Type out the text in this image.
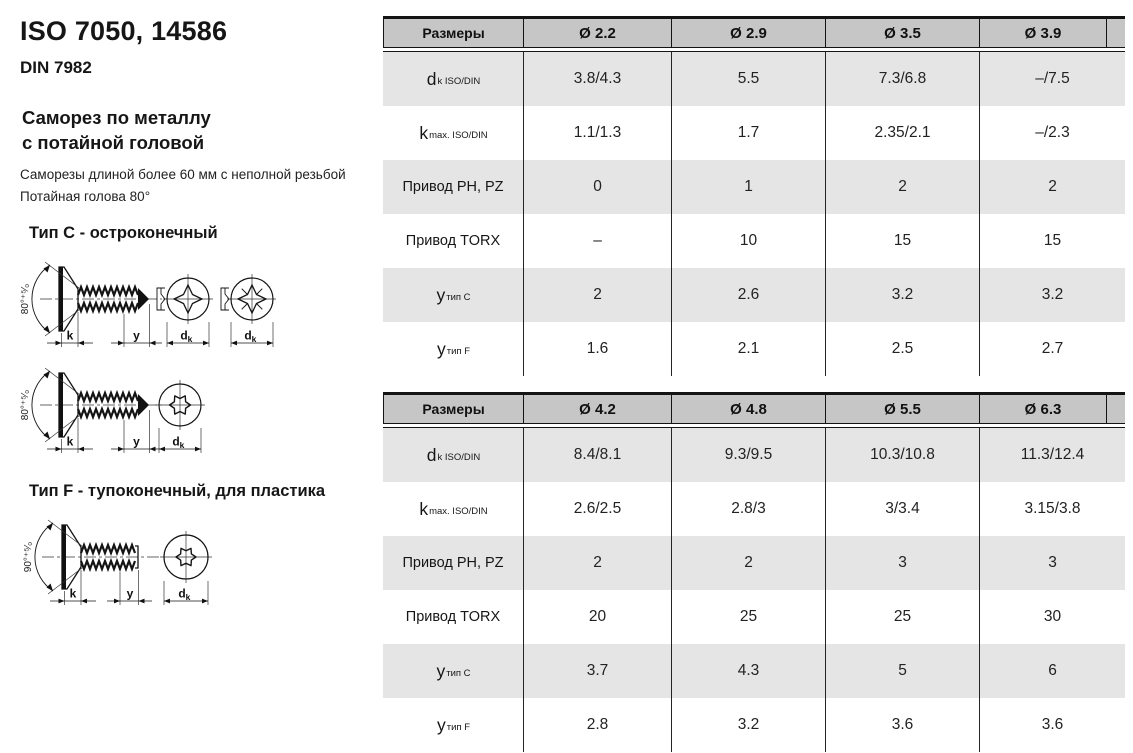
ISO 7050, 14586
DIN 7982
Саморез по металлу
с потайной головой
Саморезы длиной более 60 мм с неполной резьбой
Потайная голова 80°
Тип C - остроконечный
80°⁺⁵⁄₀
k	y	d k	d k
80°⁺⁵⁄₀
k	y	d k
Тип F - тупоконечный, для пластика
90°⁺⁵⁄₀
k	y	d k
Размеры	Ø 2.2	Ø 2.9	Ø 3.5	Ø 3.9
$d_{k ISO/DIN}$	3.8/4.3	5.5	7.3/6.8	–/7.5
$k_{max. ISO/DIN}$	1.1/1.3	1.7	2.35/2.1	–/2.3
Привод PH, PZ	0	1	2	2
Привод TORX	–	10	15	15
$y_{тип C}$	2	2.6	3.2	3.2
$y_{тип F}$	1.6	2.1	2.5	2.7
Размеры	Ø 4.2	Ø 4.8	Ø 5.5	Ø 6.3
$d_{k ISO/DIN}$	8.4/8.1	9.3/9.5	10.3/10.8	11.3/12.4
$k_{max. ISO/DIN}$	2.6/2.5	2.8/3	3/3.4	3.15/3.8
Привод PH, PZ	2	2	3	3
Привод TORX	20	25	25	30
$y_{тип C}$	3.7	4.3	5	6
$y_{тип F}$	2.8	3.2	3.6	3.6
